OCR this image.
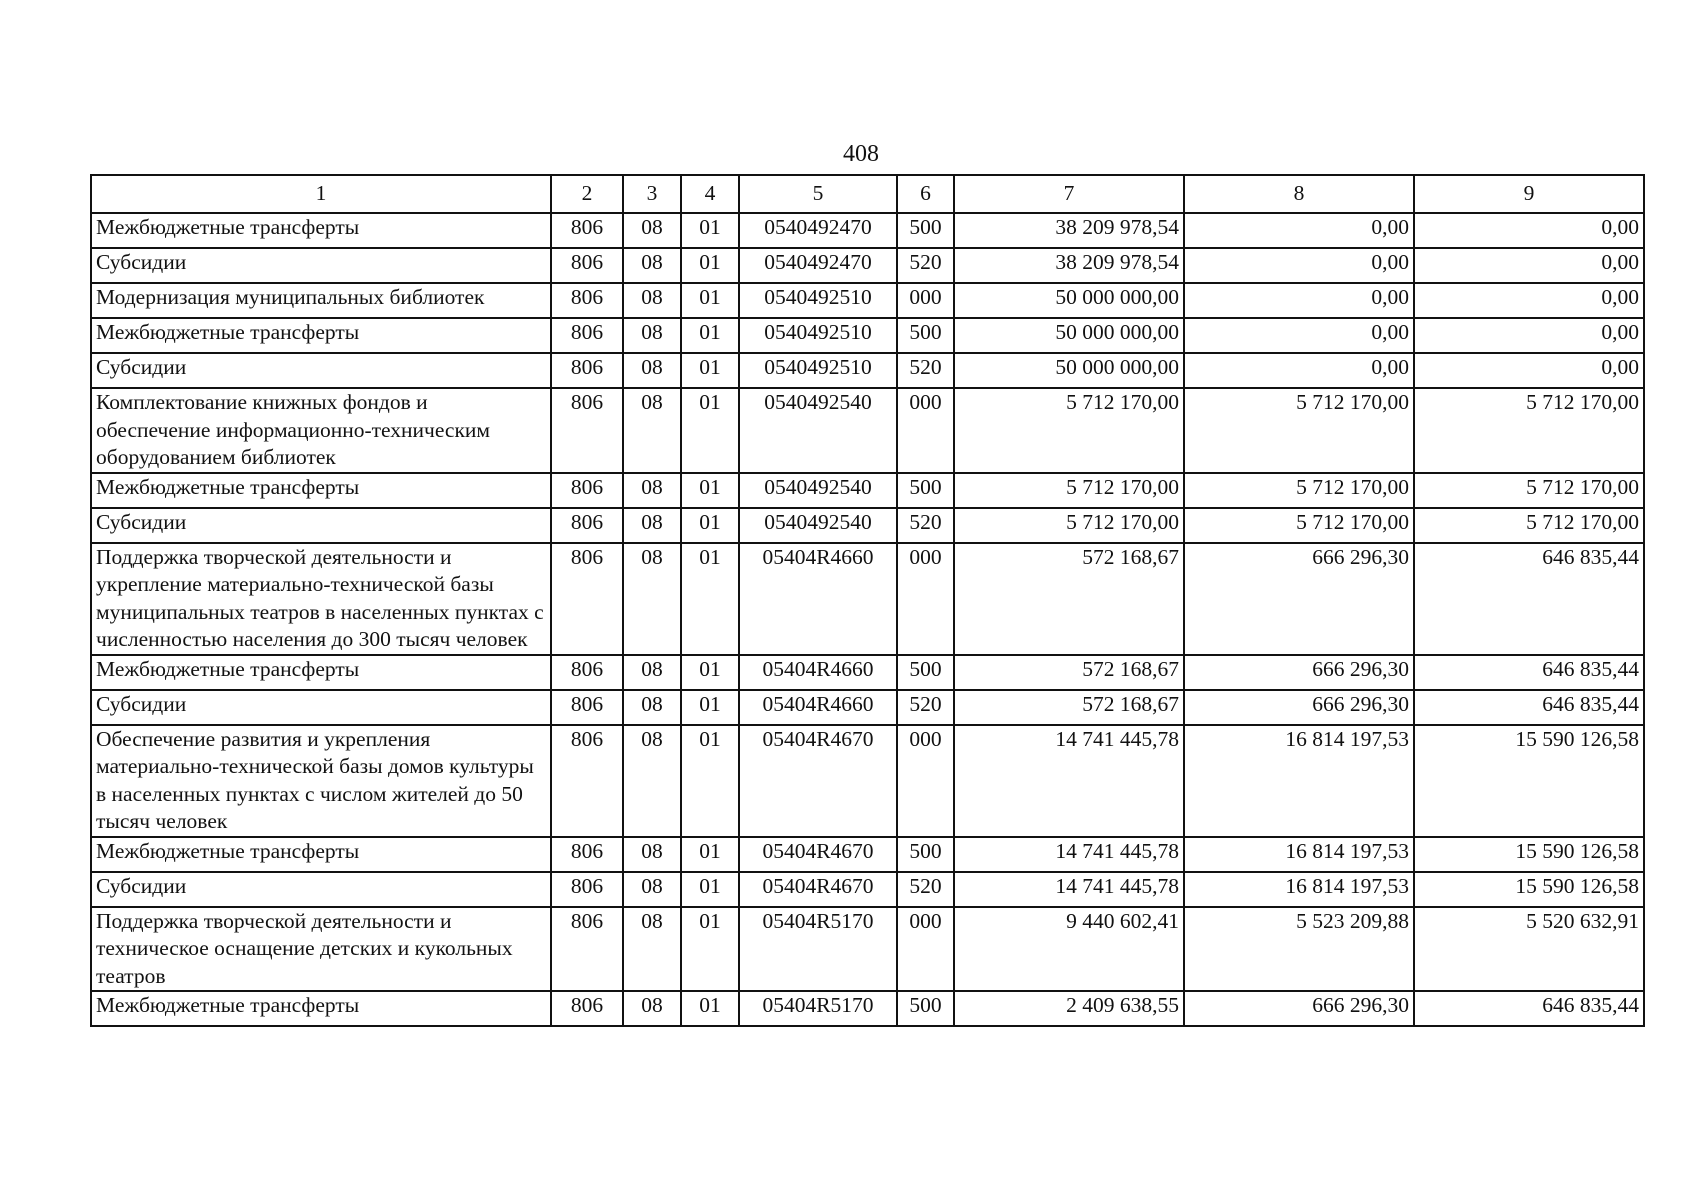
408
1	2	3	4	5	6	7	8	9
Межбюджетные трансферты	806	08	01	0540492470	500	38 209 978,54	0,00	0,00
Субсидии	806	08	01	0540492470	520	38 209 978,54	0,00	0,00
Модернизация муниципальных библиотек	806	08	01	0540492510	000	50 000 000,00	0,00	0,00
Межбюджетные трансферты	806	08	01	0540492510	500	50 000 000,00	0,00	0,00
Субсидии	806	08	01	0540492510	520	50 000 000,00	0,00	0,00
Комплектование книжных фондов и обеспечение информационно-техническим оборудованием библиотек	806	08	01	0540492540	000	5 712 170,00	5 712 170,00	5 712 170,00
Межбюджетные трансферты	806	08	01	0540492540	500	5 712 170,00	5 712 170,00	5 712 170,00
Субсидии	806	08	01	0540492540	520	5 712 170,00	5 712 170,00	5 712 170,00
Поддержка творческой деятельности и укрепление материально-технической базы муниципальных театров в населенных пунктах с численностью населения до 300 тысяч человек	806	08	01	05404R4660	000	572 168,67	666 296,30	646 835,44
Межбюджетные трансферты	806	08	01	05404R4660	500	572 168,67	666 296,30	646 835,44
Субсидии	806	08	01	05404R4660	520	572 168,67	666 296,30	646 835,44
Обеспечение развития и укрепления материально-технической базы домов культуры в населенных пунктах с числом жителей до 50 тысяч человек	806	08	01	05404R4670	000	14 741 445,78	16 814 197,53	15 590 126,58
Межбюджетные трансферты	806	08	01	05404R4670	500	14 741 445,78	16 814 197,53	15 590 126,58
Субсидии	806	08	01	05404R4670	520	14 741 445,78	16 814 197,53	15 590 126,58
Поддержка творческой деятельности и техническое оснащение детских и кукольных театров	806	08	01	05404R5170	000	9 440 602,41	5 523 209,88	5 520 632,91
Межбюджетные трансферты	806	08	01	05404R5170	500	2 409 638,55	666 296,30	646 835,44
